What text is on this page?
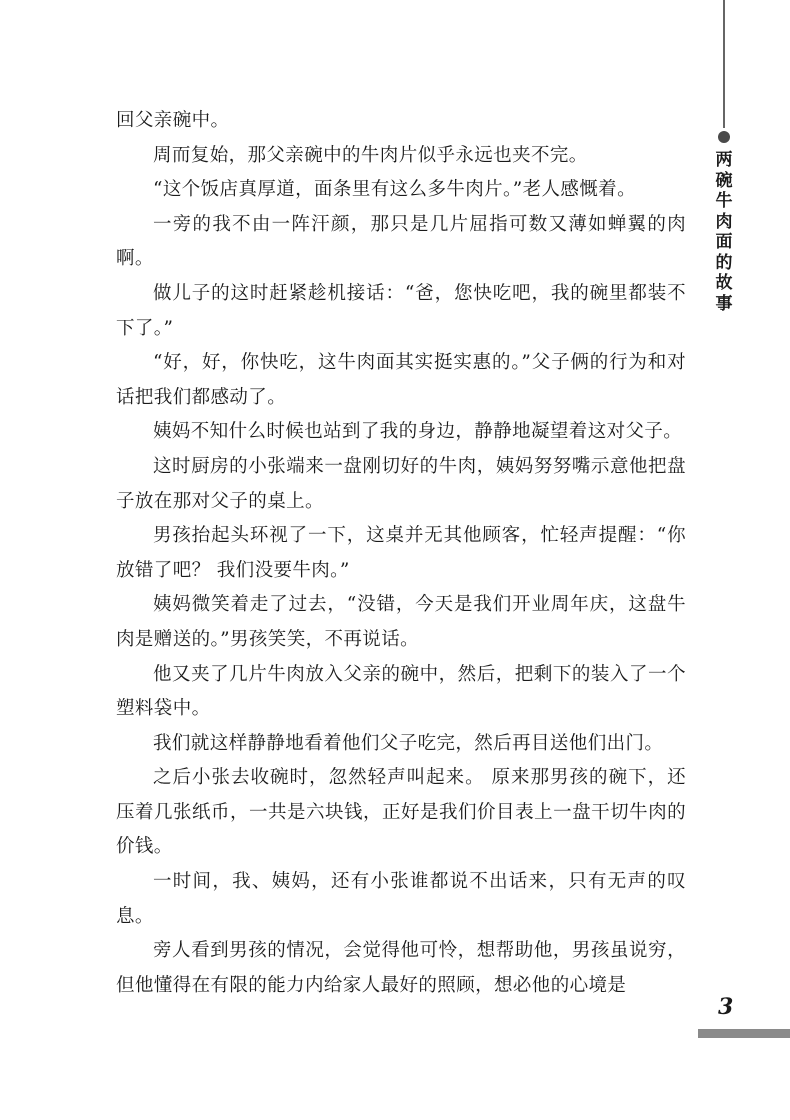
两碗牛肉面的故事

回父亲碗中。

周而复始，那父亲碗中的牛肉片似乎永远也夹不完。

“这个饭店真厚道，面条里有这么多牛肉片。”老人感慨着。

一旁的我不由一阵汗颜，那只是几片屈指可数又薄如蝉翼的肉啊。

做儿子的这时赶紧趁机接话：“爸，您快吃吧，我的碗里都装不下了。”

“好，好，你快吃，这牛肉面其实挺实惠的。”父子俩的行为和对话把我们都感动了。

姨妈不知什么时候也站到了我的身边，静静地凝望着这对父子。

这时厨房的小张端来一盘刚切好的牛肉，姨妈努努嘴示意他把盘子放在那对父子的桌上。

男孩抬起头环视了一下，这桌并无其他顾客，忙轻声提醒：“你放错了吧？ 我们没要牛肉。”

姨妈微笑着走了过去，“没错，今天是我们开业周年庆，这盘牛肉是赠送的。”男孩笑笑，不再说话。

他又夹了几片牛肉放入父亲的碗中，然后，把剩下的装入了一个塑料袋中。

我们就这样静静地看着他们父子吃完，然后再目送他们出门。

之后小张去收碗时，忽然轻声叫起来。 原来那男孩的碗下，还压着几张纸币，一共是六块钱，正好是我们价目表上一盘干切牛肉的价钱。

一时间，我、姨妈，还有小张谁都说不出话来，只有无声的叹息。

旁人看到男孩的情况，会觉得他可怜，想帮助他，男孩虽说穷，但他懂得在有限的能力内给家人最好的照顾，想必他的心境是

3
